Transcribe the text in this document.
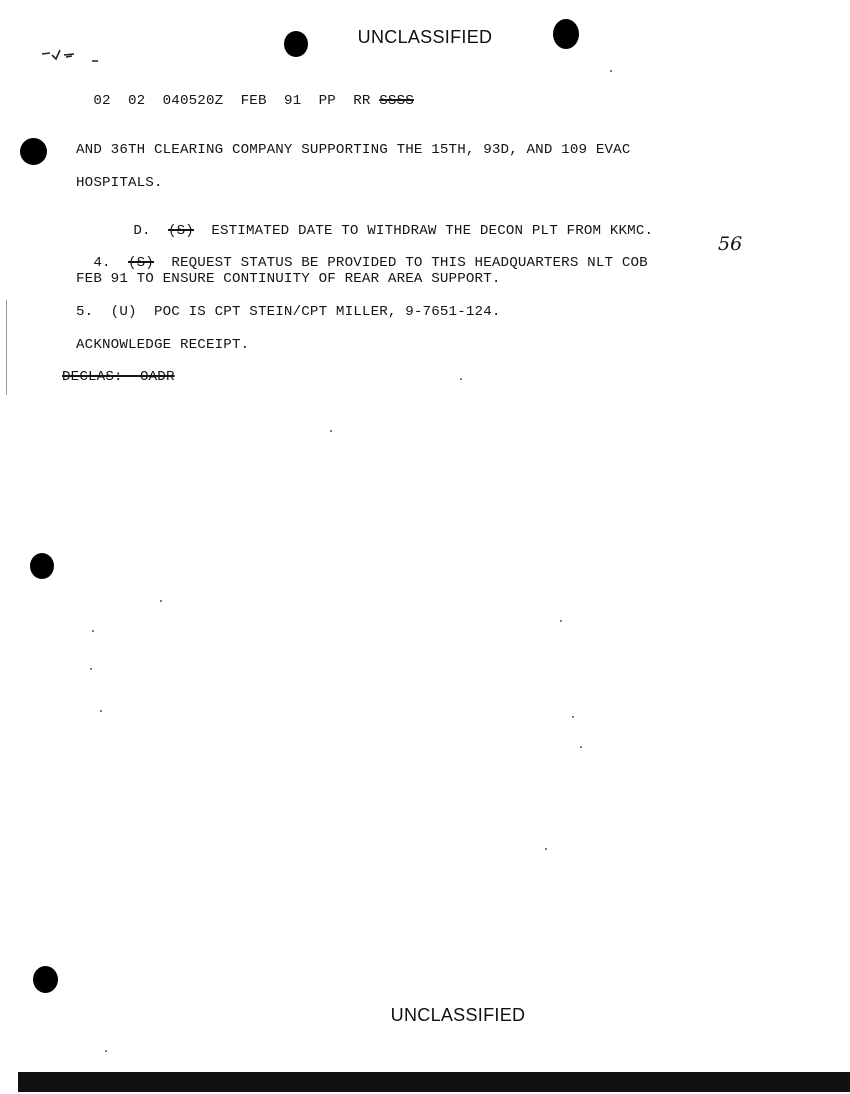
UNCLASSIFIED

02 02 040520Z FEB 91 PP RR SSSS

AND 36TH CLEARING COMPANY SUPPORTING THE 15TH, 93D, AND 109 EVAC
HOSPITALS.

D. (S) ESTIMATED DATE TO WITHDRAW THE DECON PLT FROM KKMC.

4. (S) REQUEST STATUS BE PROVIDED TO THIS HEADQUARTERS NLT COB

56
FEB 91 TO ENSURE CONTINUITY OF REAR AREA SUPPORT.
5.  (U)  POC IS CPT STEIN/CPT MILLER, 9-7651-124.
ACKNOWLEDGE RECEIPT.
DECLAS:  OADR
UNCLASSIFIED
